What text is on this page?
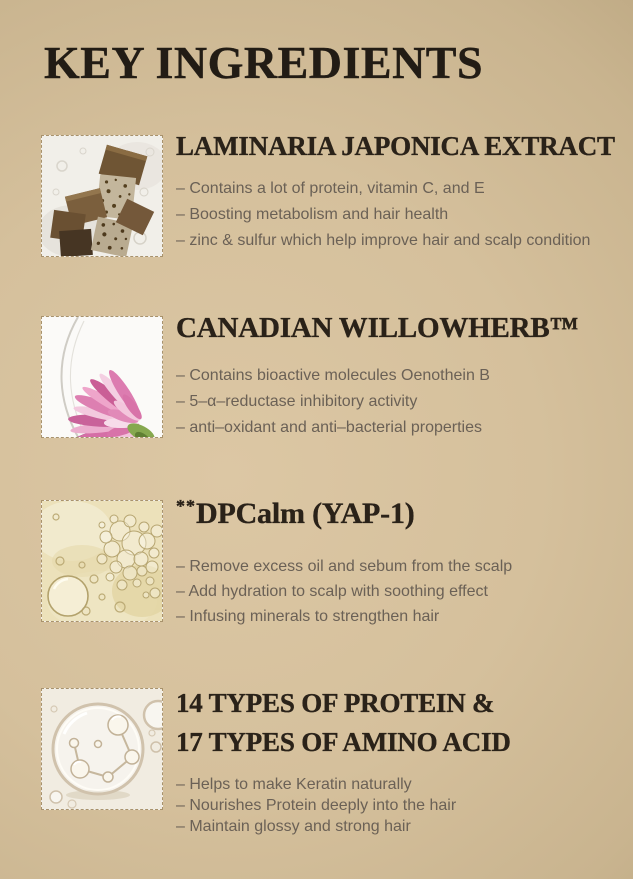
KEY INGREDIENTS
LAMINARIA JAPONICA EXTRACT
– Contains a lot of protein, vitamin C, and E
– Boosting metabolism and hair health
– zinc & sulfur which help improve hair and scalp condition
CANADIAN WILLOWHERB™
– Contains bioactive molecules Oenothein B
– 5–α–reductase inhibitory activity
– anti–oxidant and anti–bacterial properties
**DPCalm (YAP-1)
– Remove excess oil and sebum from the scalp
– Add hydration to scalp with soothing effect
– Infusing minerals to strengthen hair
14 TYPES OF PROTEIN &
17 TYPES OF AMINO ACID
– Helps to make Keratin naturally
– Nourishes Protein deeply into the hair
– Maintain glossy and strong hair
